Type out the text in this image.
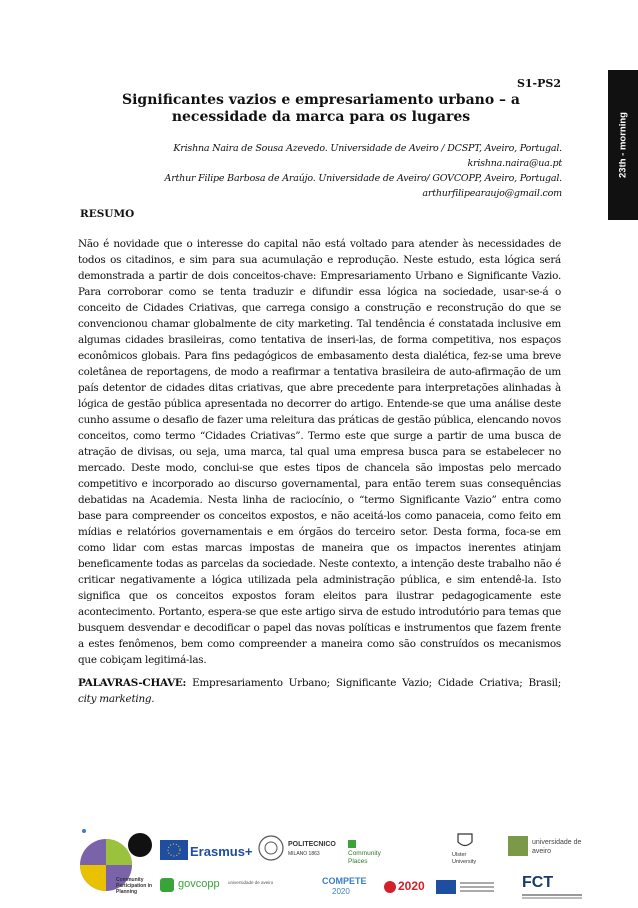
23th - morning
S1-PS2
Significantes vazios e empresariamento urbano – a necessidade da marca para os lugares
Krishna Naira de Sousa Azevedo. Universidade de Aveiro / DCSPT, Aveiro, Portugal.
krishna.naira@ua.pt
Arthur Filipe Barbosa de Araújo. Universidade de Aveiro/ GOVCOPP, Aveiro, Portugal.
arthurfilipearaujo@gmail.com
RESUMO

Não é novidade que o interesse do capital não está voltado para atender às necessidades de todos os citadinos, e sim para sua acumulação e reprodução. Neste estudo, esta lógica será demonstrada a partir de dois conceitos-chave: Empresariamento Urbano e Significante Vazio. Para corroborar como se tenta traduzir e difundir essa lógica na sociedade, usar-se-á o conceito de Cidades Criativas, que carrega consigo a construção e reconstrução do que se convencionou chamar globalmente de city marketing. Tal tendência é constatada inclusive em algumas cidades brasileiras, como tentativa de inseri-las, de forma competitiva, nos espaços econômicos globais. Para fins pedagógicos de embasamento desta dialética, fez-se uma breve coletânea de reportagens, de modo a reafirmar a tentativa brasileira de auto-afirmação de um país detentor de cidades ditas criativas, que abre precedente para interpretações alinhadas à lógica de gestão pública apresentada no decorrer do artigo. Entende-se que uma análise deste cunho assume o desafio de fazer uma releitura das práticas de gestão pública, elencando novos conceitos, como termo “Cidades Criativas”. Termo este que surge a partir de uma busca de atração de divisas, ou seja, uma marca, tal qual uma empresa busca para se estabelecer no mercado. Deste modo, conclui-se que estes tipos de chancela são impostas pelo mercado competitivo e incorporado ao discurso governamental, para então terem suas consequências debatidas na Academia. Nesta linha de raciocínio, o “termo Significante Vazio” entra como base para compreender os conceitos expostos, e não aceitá-los como panaceia, como feito em mídias e relatórios governamentais e em órgãos do terceiro setor. Desta forma, foca-se em como lidar com estas marcas impostas de maneira que os impactos inerentes atinjam beneficamente todas as parcelas da sociedade. Neste contexto, a intenção deste trabalho não é criticar negativamente a lógica utilizada pela administração pública, e sim entendê-la. Isto significa que os conceitos expostos foram eleitos para ilustrar pedagogicamente este acontecimento. Portanto, espera-se que este artigo sirva de estudo introdutório para temas que busquem desvendar e decodificar o papel das novas políticas e instrumentos que fazem frente a estes fenômenos, bem como compreender a maneira como são construídos os mecanismos que cobiçam legitimá-las.

PALAVRAS-CHAVE: Empresariamento Urbano; Significante Vazio; Cidade Criativa; Brasil; city marketing.

Community Participation in Planning
Erasmus+	POLITECNICO
MILANO 1863	Community Places
Ulster University
universidade de aveiro
govcopp universidade de aveiro	COMPETE
2020	2020	FCT
